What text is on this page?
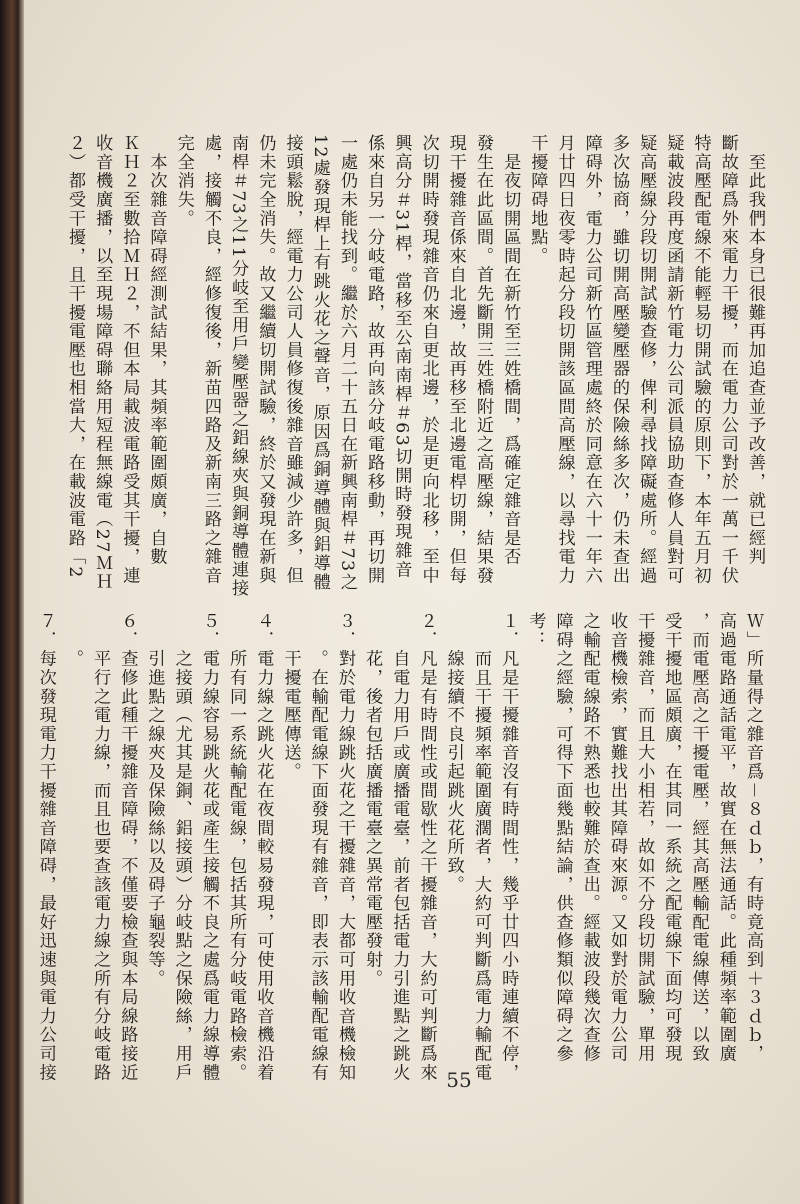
　至此我們本身已很難再加追查並予改善，就已經判

斷故障爲外來電力干擾，而在電力公司對於一萬一千伏

特高壓配電線不能輕易切開試驗的原則下，本年五月初

疑載波段再度函請新竹電力公司派員協助查修人員對可

疑高壓線分段切開試驗查修，俾利尋找障礙處所。經過

多次協商，雖切開高壓變壓器的保險絲多次，仍未查出

障碍外，電力公司新竹區管理處終於同意在六十一年六

月廿四日夜零時起分段切開該區間高壓線，以尋找電力

干擾障碍地點。

　是夜切開區間在新竹至三姓橋間，爲確定雜音是否

發生在此區間。首先斷開三姓橋附近之高壓線，結果發

現干擾雜音係來自北邊，故再移至北邊電桿切開，但每

次切開時發現雜音仍來自更北邊，於是更向北移，至中

興高分＃31桿，當移至公南南桿＃63切開時發現雜音

係來自另一分岐電路，故再向該分岐電路移動，再切開

一處仍未能找到。繼於六月二十五日在新興南桿＃73之

12處發現桿上有跳火花之聲音，原因爲銅導體與鋁導體

接頭鬆脫，經電力公司人員修復後雜音雖減少許多，但

仍未完全消失。故又繼續切開試驗，終於又發現在新與

南桿＃73之11分岐至用戶變壓器之鋁線夾與銅導體連接

處，接觸不良，經修復後，新苗四路及新南三路之雜音

完全消失。

　本次雜音障碍經測試結果，其頻率範圍頗廣，自數

ＫＨ２至數拾ＭＨ２，不但本局載波電路受其干擾，連

收音機廣播，以至現場障碍聯絡用短程無線電（27ＭＨ

２）都受干擾，且干擾電壓也相當大，在載波電路「2

Ｗ」所量得之雜音爲－８ｄｂ，有時竟高到＋３ｄｂ，

高過電路通話電平，故實在無法通話。此種頻率範圍廣

，而電壓高之干擾電壓，經其高壓輸配電線傳送，以致

受干擾地區頗廣，在其同一系統之配電線下面均可發現

干擾雜音，而且大小相若，故如不分段切開試驗，單用

收音機檢索，實難找出其障碍來源。又如對於電力公司

之輸配電線路不熟悉也較難於查出。經載波段幾次查修

障碍之經驗，可得下面幾點結論，供查修類似障碍之參

考：

１．凡是干擾雜音沒有時間性，幾乎廿四小時連續不停，

　　而且干擾頻率範圍廣濶者，大約可判斷爲電力輸配電

　　線接續不良引起跳火花所致。

２．凡是有時間性或間歇性之干擾雜音，大約可判斷爲來

　　自電力用戶或廣播電臺，前者包括電力引進點之跳火

　　花，後者包括廣播電臺之異常電壓發射。

３．對於電力線跳火花之干擾雜音，大都可用收音機檢知

　　。在輸配電線下面發現有雜音，即表示該輸配電線有

　　干擾電壓傳送。

４．電力線之跳火花在夜間較易發現，可使用收音機沿着

　　所有同一系統輸配電線，包括其所有分岐電路檢索。

５．電力線容易跳火花或產生接觸不良之處爲電力線導體

　　之接頭（尤其是銅、鋁接頭）分岐點之保險絲，用戶

　　引進點之線夾及保險絲以及碍子龜裂等。

６．查修此種干擾雜音障碍，不僅要檢查與本局線路接近

　　平行之電力線，而且也要查該電力線之所有分岐電路

　　。

７．每次發現電力干擾雜音障碍，最好迅速與電力公司接	55
